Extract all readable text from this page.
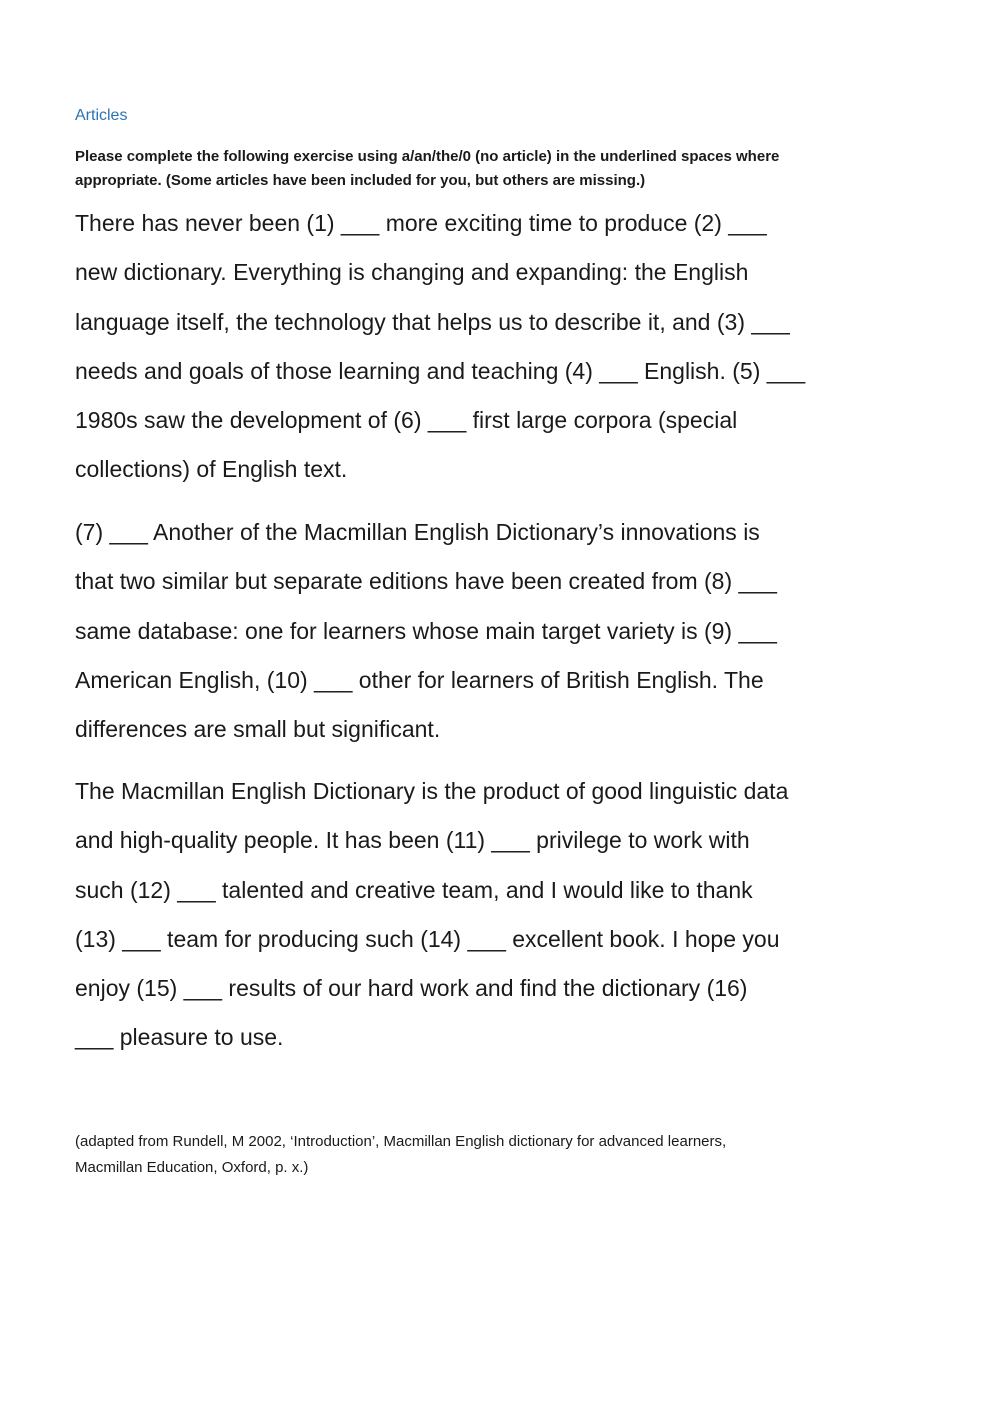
Articles
Please complete the following exercise using a/an/the/0 (no article) in the underlined spaces where
appropriate. (Some articles have been included for you, but others are missing.)
There has never been (1) ___ more exciting time to produce (2) ___
new dictionary. Everything is changing and expanding: the English
language itself, the technology that helps us to describe it, and (3) ___
needs and goals of those learning and teaching (4) ___ English. (5) ___
1980s saw the development of (6) ___ first large corpora (special
collections) of English text.
(7) ___ Another of the Macmillan English Dictionary’s innovations is
that two similar but separate editions have been created from (8) ___
same database: one for learners whose main target variety is (9) ___
American English, (10) ___ other for learners of British English. The
differences are small but significant.
The Macmillan English Dictionary is the product of good linguistic data
and high-quality people. It has been (11) ___ privilege to work with
such (12) ___ talented and creative team, and I would like to thank
(13) ___ team for producing such (14) ___ excellent book. I hope you
enjoy (15) ___ results of our hard work and find the dictionary (16)
___ pleasure to use.
(adapted from Rundell, M 2002, ‘Introduction’, Macmillan English dictionary for advanced learners,
Macmillan Education, Oxford, p. x.)
